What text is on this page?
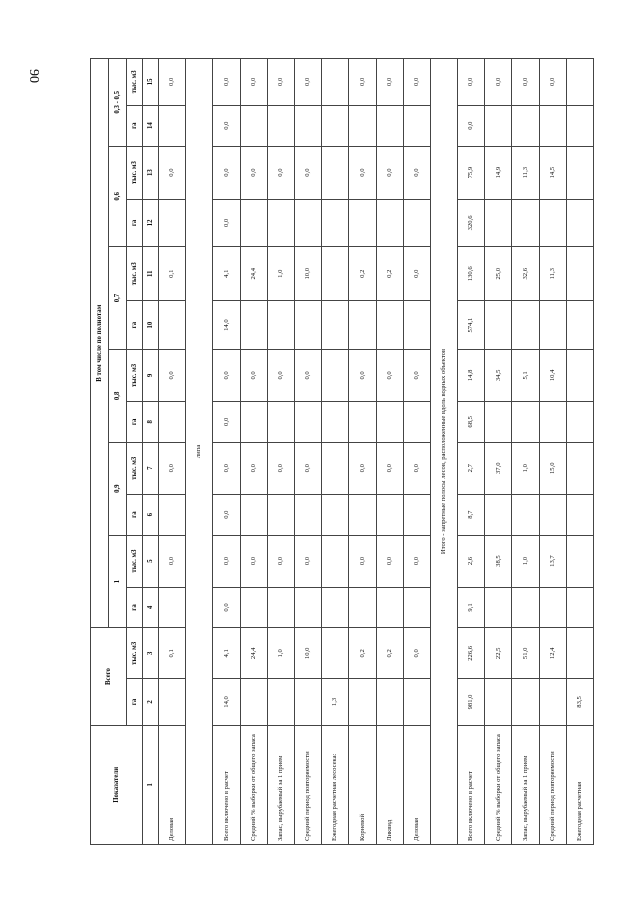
90
Показатели	Всего		В том числе по полнотам											
			1		0,9		0,8		0,7		0,6		0,3 - 0,5	
	га	тыс. м3	га	тыс. м3	га	тыс. м3	га	тыс. м3	га	тыс. м3	га	тыс. м3	га	тыс. м3
1	2	3	4	5	6	7	8	9	10	11	12	13	14	15
Деловая		0,1		0,0		0,0		0,0		0,1		0,0		0,0
липа														
Всего включено в расчет	14,0	4,1	0,0	0,0	0,0	0,0	0,0	0,0	14,0	4,1	0,0	0,0	0,0	0,0
Средний % выборки от общего запаса		24,4		0,0		0,0		0,0		24,4		0,0		0,0
Запас, вырубаемый за 1 прием		1,0		0,0		0,0		0,0		1,0		0,0		0,0
Средний период повторяемости		10,0		0,0		0,0		0,0		10,0		0,0		0,0
Ежегодная расчетная лесосека:	1,3													
Корневой		0,2		0,0		0,0		0,0		0,2		0,0		0,0
Ликвид		0,2		0,0		0,0		0,0		0,2		0,0		0,0
Деловая		0,0		0,0		0,0		0,0		0,0		0,0		0,0
Итого - запретные полосы лесов, расположенные вдоль водных объектов														
Всего включено в расчет	981,0	226,6	9,1	2,6	8,7	2,7	68,5	14,8	574,1	130,6	320,6	75,9	0,0	0,0
Средний % выборки от общего запаса		22,5		38,5		37,0		34,5		25,0		14,9		0,0
Запас, вырубаемый за 1 прием		51,0		1,0		1,0		5,1		32,6		11,3		0,0
Средний период повторяемости		12,4		13,7		15,0		10,4		11,3		14,5		0,0
Ежегодная расчетная	83,5													
